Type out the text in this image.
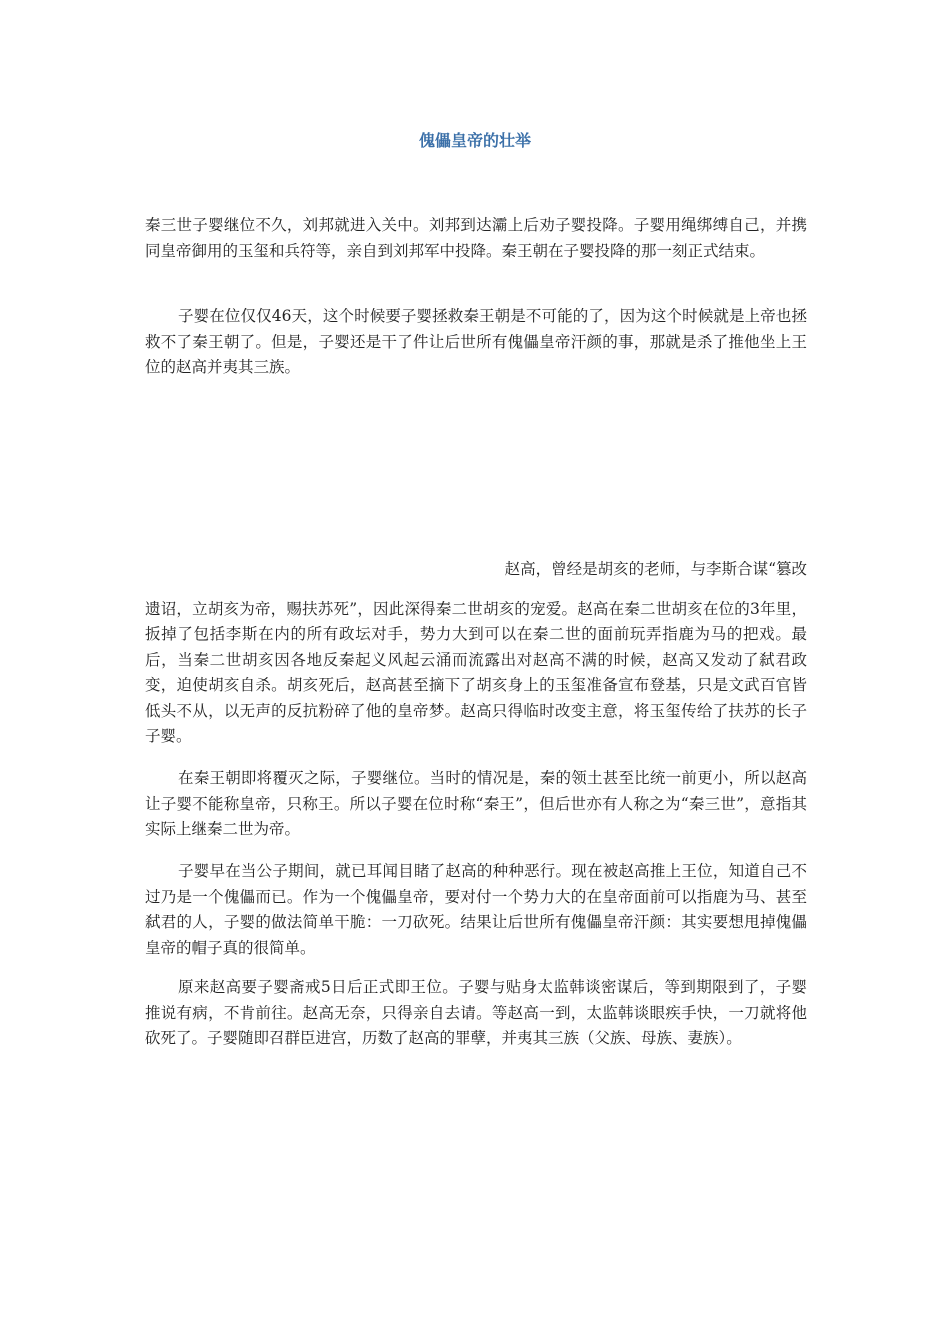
傀儡皇帝的壮举

秦三世子婴继位不久，刘邦就进入关中。刘邦到达灞上后劝子婴投降。子婴用绳绑缚自己，并携同皇帝御用的玉玺和兵符等，亲自到刘邦军中投降。秦王朝在子婴投降的那一刻正式结束。

子婴在位仅仅46天，这个时候要子婴拯救秦王朝是不可能的了，因为这个时候就是上帝也拯救不了秦王朝了。但是，子婴还是干了件让后世所有傀儡皇帝汗颜的事，那就是杀了推他坐上王位的赵高并夷其三族。

赵高，曾经是胡亥的老师，与李斯合谋“篡改
遗诏，立胡亥为帝，赐扶苏死”，因此深得秦二世胡亥的宠爱。赵高在秦二世胡亥在位的3年里，扳掉了包括李斯在内的所有政坛对手，势力大到可以在秦二世的面前玩弄指鹿为马的把戏。最后，当秦二世胡亥因各地反秦起义风起云涌而流露出对赵高不满的时候，赵高又发动了弑君政变，迫使胡亥自杀。胡亥死后，赵高甚至摘下了胡亥身上的玉玺准备宣布登基，只是文武百官皆低头不从，以无声的反抗粉碎了他的皇帝梦。赵高只得临时改变主意，将玉玺传给了扶苏的长子子婴。

在秦王朝即将覆灭之际，子婴继位。当时的情况是，秦的领土甚至比统一前更小，所以赵高让子婴不能称皇帝，只称王。所以子婴在位时称“秦王”，但后世亦有人称之为“秦三世”，意指其实际上继秦二世为帝。

子婴早在当公子期间，就已耳闻目睹了赵高的种种恶行。现在被赵高推上王位，知道自己不过乃是一个傀儡而已。作为一个傀儡皇帝，要对付一个势力大的在皇帝面前可以指鹿为马、甚至弑君的人，子婴的做法简单干脆：一刀砍死。结果让后世所有傀儡皇帝汗颜：其实要想甩掉傀儡皇帝的帽子真的很简单。

原来赵高要子婴斋戒5日后正式即王位。子婴与贴身太监韩谈密谋后，等到期限到了，子婴推说有病，不肯前往。赵高无奈，只得亲自去请。等赵高一到，太监韩谈眼疾手快，一刀就将他砍死了。子婴随即召群臣进宫，历数了赵高的罪孽，并夷其三族（父族、母族、妻族）。
